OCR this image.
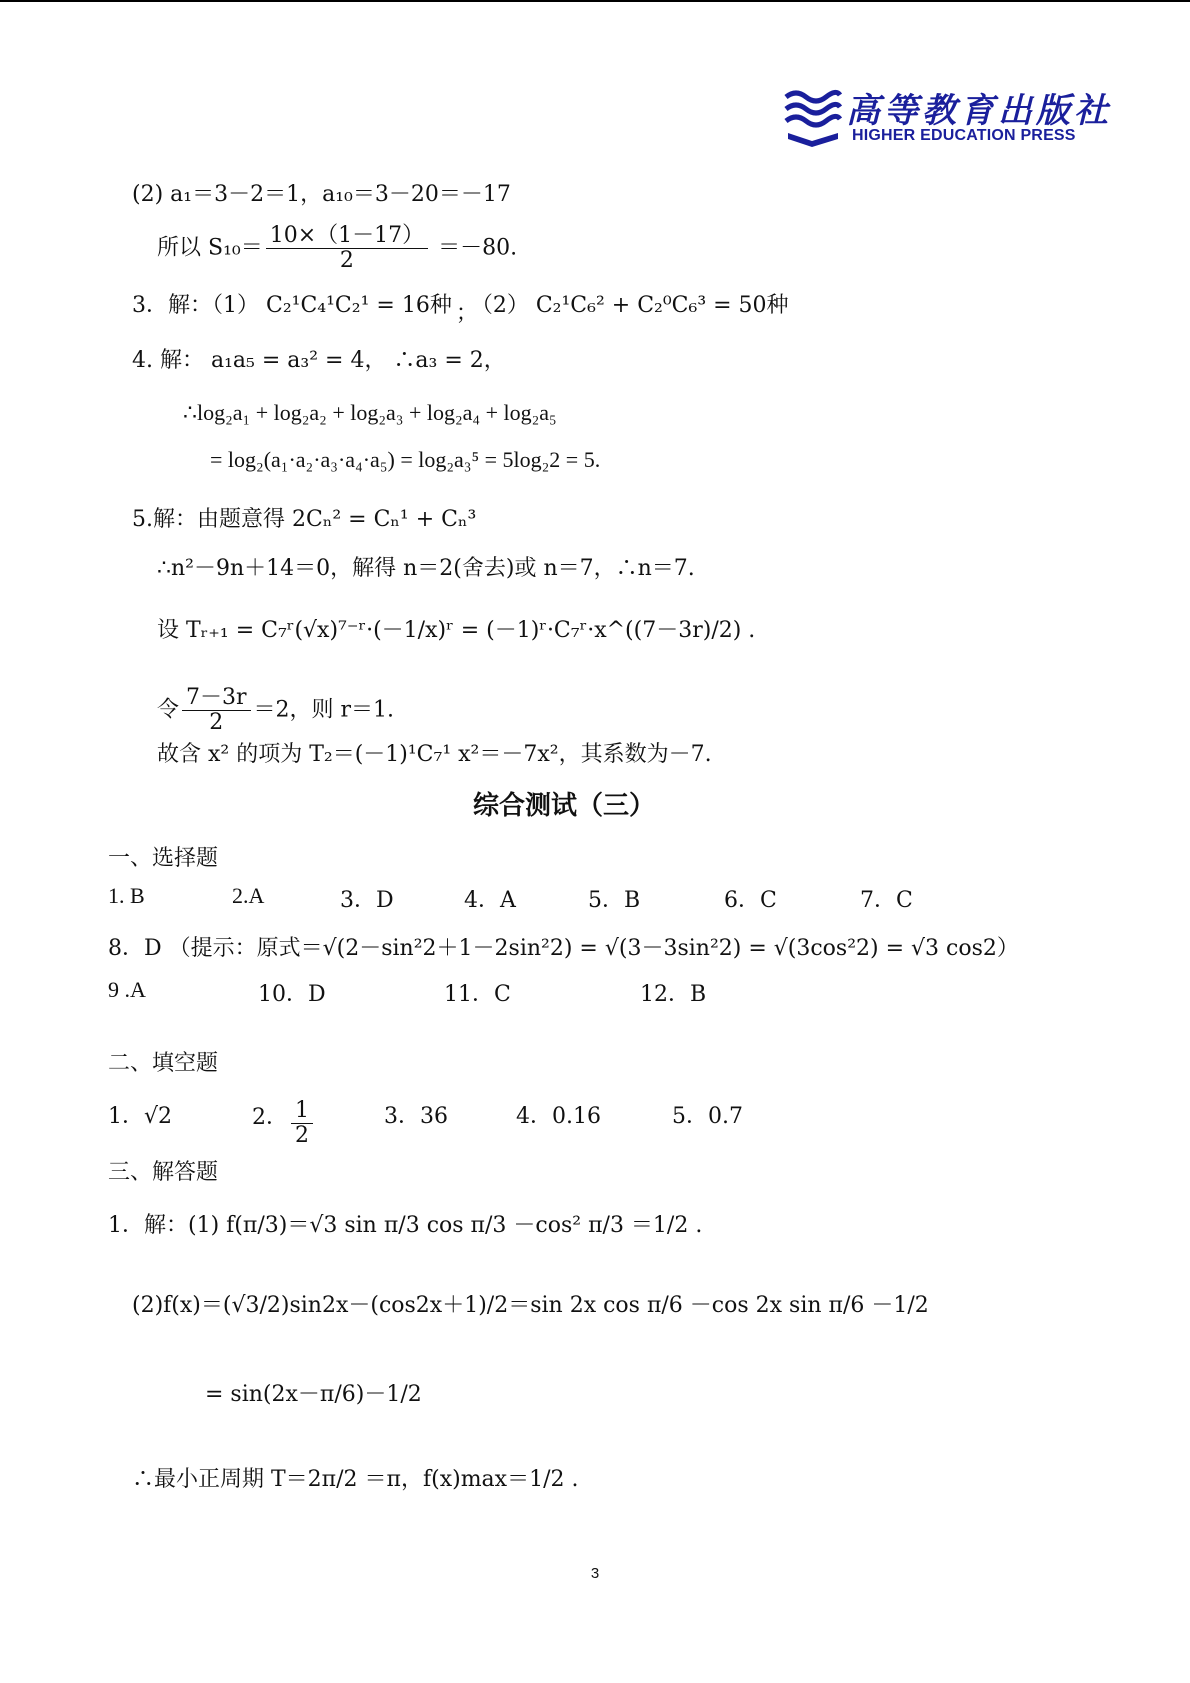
高等教育出版社
HIGHER EDUCATION PRESS
(2) a₁＝3－2＝1，a₁₀＝3－20＝－17
所以 $S_{10}= \frac{10\times(1-17)}{2} =-80$.
3．解：（1） C₂¹C₄¹C₂¹ = 16种 ； （2） C₂¹C₆² + C₂⁰C₆³ = 50种
4. 解： a₁a₅ = a₃² = 4， ∴a₃ = 2，
∴log₂a₁ + log₂a₂ + log₂a₃ + log₂a₄ + log₂a₅
= log₂(a₁·a₂·a₃·a₄·a₅) = log₂a₃⁵ = 5log₂2 = 5.
5.解：由题意得 2Cₙ² = Cₙ¹ + Cₙ³
∴n²－9n＋14＝0，解得 n＝2(舍去)或 n＝7，∴n＝7.
设 Tᵣ₊₁ = C₇ʳ(√x)⁷⁻ʳ·(－1/x)ʳ = (－1)ʳ·C₇ʳ·x^((7－3r)/2) .
令 $\frac{7-3r}{2} =2$，则 r＝1.
故含 x² 的项为 T₂＝(－1)¹C₇¹ x²＝－7x²，其系数为－7.
综合测试（三）
一、选择题
1. B	2.A	3．D	4．A	5．B	6．C	7．C
8．D （提示：原式＝√(2－sin²2＋1－2sin²2) = √(3－3sin²2) = √(3cos²2) = √3 cos2）
9 .A	10．D	11．C	12．B
二、填空题
1．√2	2． $\frac{1}{2}$	3．36	4．0.16	5．0.7
三、解答题
1．解：(1) f(π/3)＝√3 sin π/3 cos π/3 －cos² π/3 ＝1/2 .
(2)f(x)＝(√3/2)sin2x－(cos2x＋1)/2＝sin 2x cos π/6 －cos 2x sin π/6 －1/2
= sin(2x－π/6)－1/2
∴最小正周期 T＝2π/2 ＝π，f(x)max＝1/2 .
3
